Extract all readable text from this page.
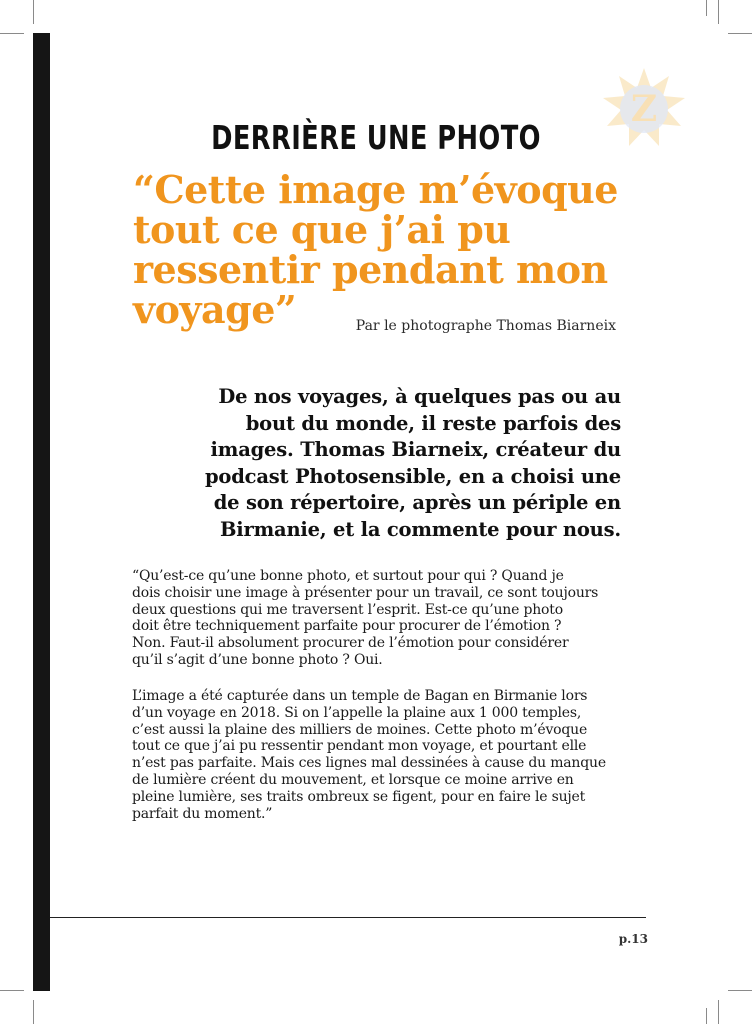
Z
DERRIÈRE UNE PHOTO
“Cette image m’évoque
tout ce que j’ai pu
ressentir pendant mon
voyage”	Par le photographe Thomas Biarneix
De nos voyages, à quelques pas ou au
bout du monde, il reste parfois des
images. Thomas Biarneix, créateur du
podcast Photosensible, en a choisi une
de son répertoire, après un périple en
Birmanie, et la commente pour nous.
“Qu’est-ce qu’une bonne photo, et surtout pour qui ? Quand je
dois choisir une image à présenter pour un travail, ce sont toujours
deux questions qui me traversent l’esprit. Est-ce qu’une photo
doit être techniquement parfaite pour procurer de l’émotion ?
Non. Faut-il absolument procurer de l’émotion pour considérer
qu’il s’agit d’une bonne photo ? Oui.
L’image a été capturée dans un temple de Bagan en Birmanie lors
d’un voyage en 2018. Si on l’appelle la plaine aux 1 000 temples,
c’est aussi la plaine des milliers de moines. Cette photo m’évoque
tout ce que j’ai pu ressentir pendant mon voyage, et pourtant elle
n’est pas parfaite. Mais ces lignes mal dessinées à cause du manque
de lumière créent du mouvement, et lorsque ce moine arrive en
pleine lumière, ses traits ombreux se figent, pour en faire le sujet
parfait du moment.”
p.13
